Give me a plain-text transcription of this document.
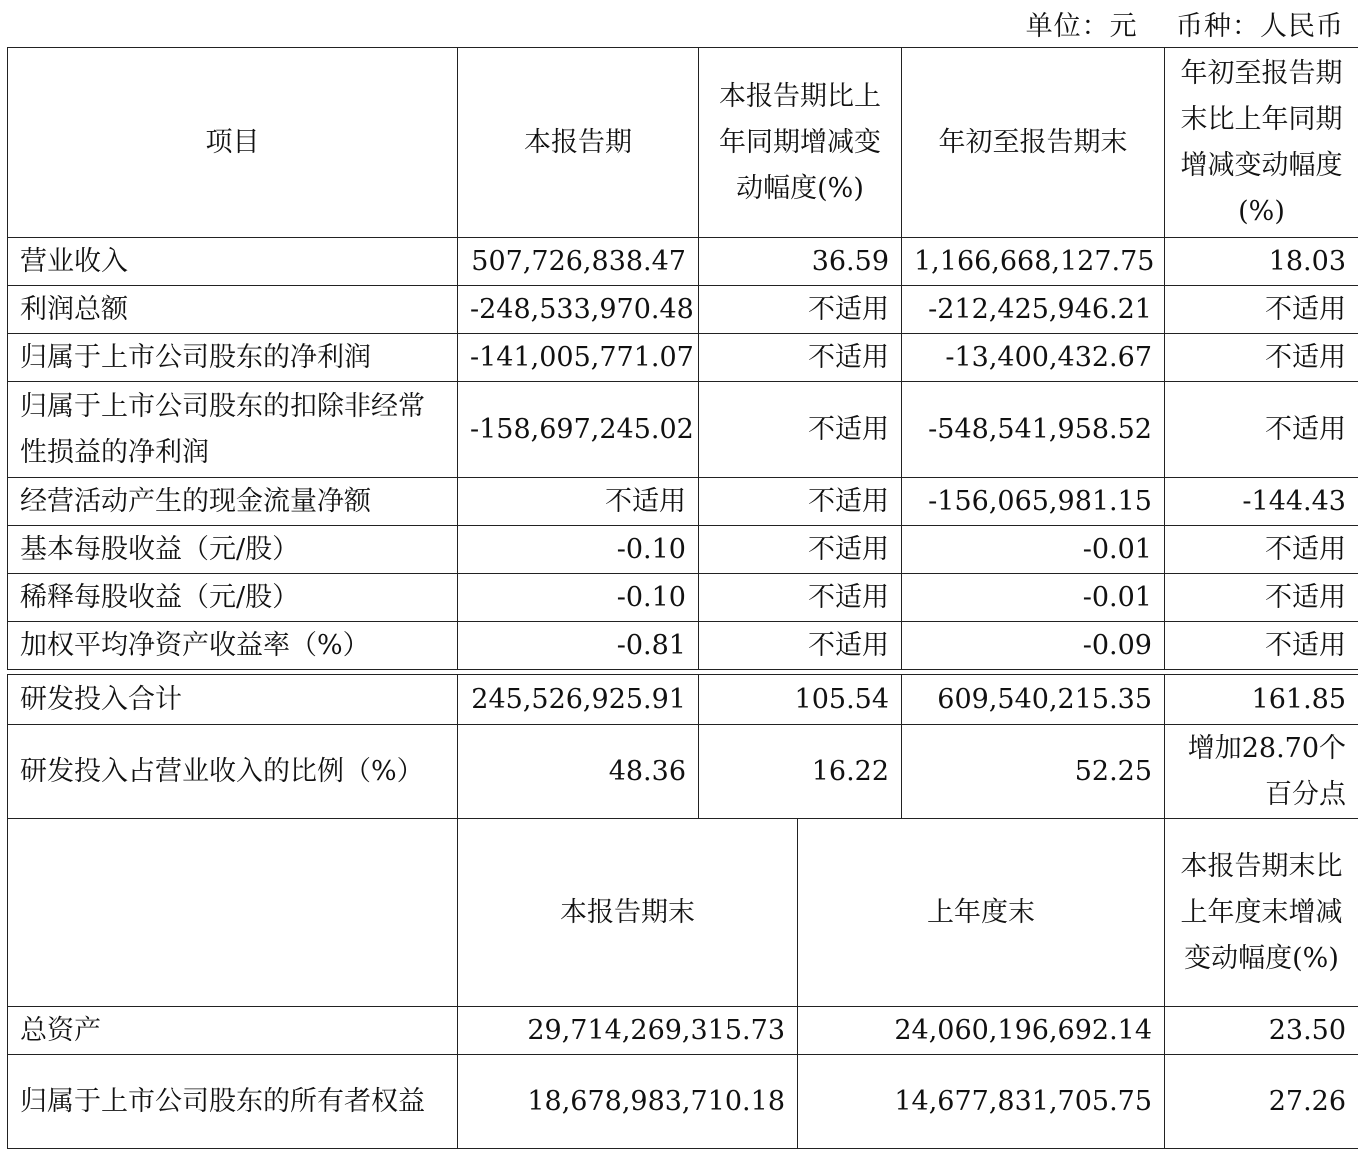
单位：元    币种：人民币
项目	本报告期	本报告期比上年同期增减变动幅度(%)	年初至报告期末	年初至报告期末比上年同期增减变动幅度(%)
营业收入	507,726,838.47	36.59	1,166,668,127.75	18.03
利润总额	-248,533,970.48	不适用	-212,425,946.21	不适用
归属于上市公司股东的净利润	-141,005,771.07	不适用	-13,400,432.67	不适用
归属于上市公司股东的扣除非经常性损益的净利润	-158,697,245.02	不适用	-548,541,958.52	不适用
经营活动产生的现金流量净额	不适用	不适用	-156,065,981.15	-144.43
基本每股收益（元/股）	-0.10	不适用	-0.01	不适用
稀释每股收益（元/股）	-0.10	不适用	-0.01	不适用
加权平均净资产收益率（%）	-0.81	不适用	-0.09	不适用
研发投入合计	245,526,925.91	105.54		609,540,215.35	161.85
研发投入占营业收入的比例（%）	48.36	16.22		52.25	增加28.70个百分点
	本报告期末		上年度末		本报告期末比上年度末增减变动幅度(%)
总资产	29,714,269,315.73		24,060,196,692.14		23.50
归属于上市公司股东的所有者权益	18,678,983,710.18		14,677,831,705.75		27.26
